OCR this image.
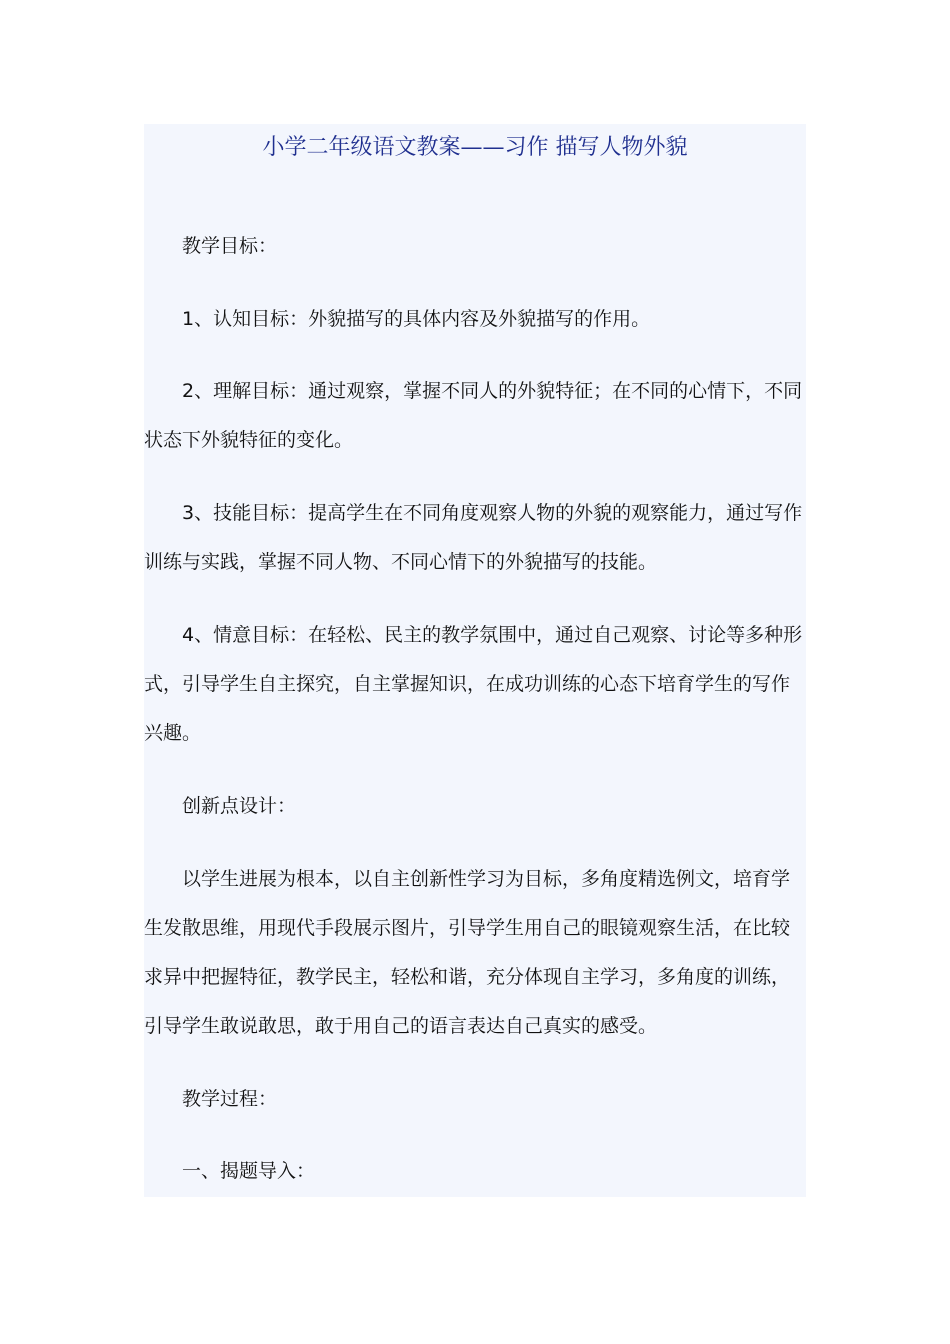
小学二年级语文教案——习作 描写人物外貌

教学目标：

1、认知目标：外貌描写的具体内容及外貌描写的作用。

2、理解目标：通过观察，掌握不同人的外貌特征；在不同的心情下，不同状态下外貌特征的变化。

3、技能目标：提高学生在不同角度观察人物的外貌的观察能力，通过写作训练与实践，掌握不同人物、不同心情下的外貌描写的技能。

4、情意目标：在轻松、民主的教学氛围中，通过自己观察、讨论等多种形式，引导学生自主探究，自主掌握知识，在成功训练的心态下培育学生的写作兴趣。

创新点设计：

以学生进展为根本，以自主创新性学习为目标，多角度精选例文，培育学生发散思维，用现代手段展示图片，引导学生用自己的眼镜观察生活，在比较求异中把握特征，教学民主，轻松和谐，充分体现自主学习，多角度的训练，引导学生敢说敢思，敢于用自己的语言表达自己真实的感受。

教学过程：

一、揭题导入：
